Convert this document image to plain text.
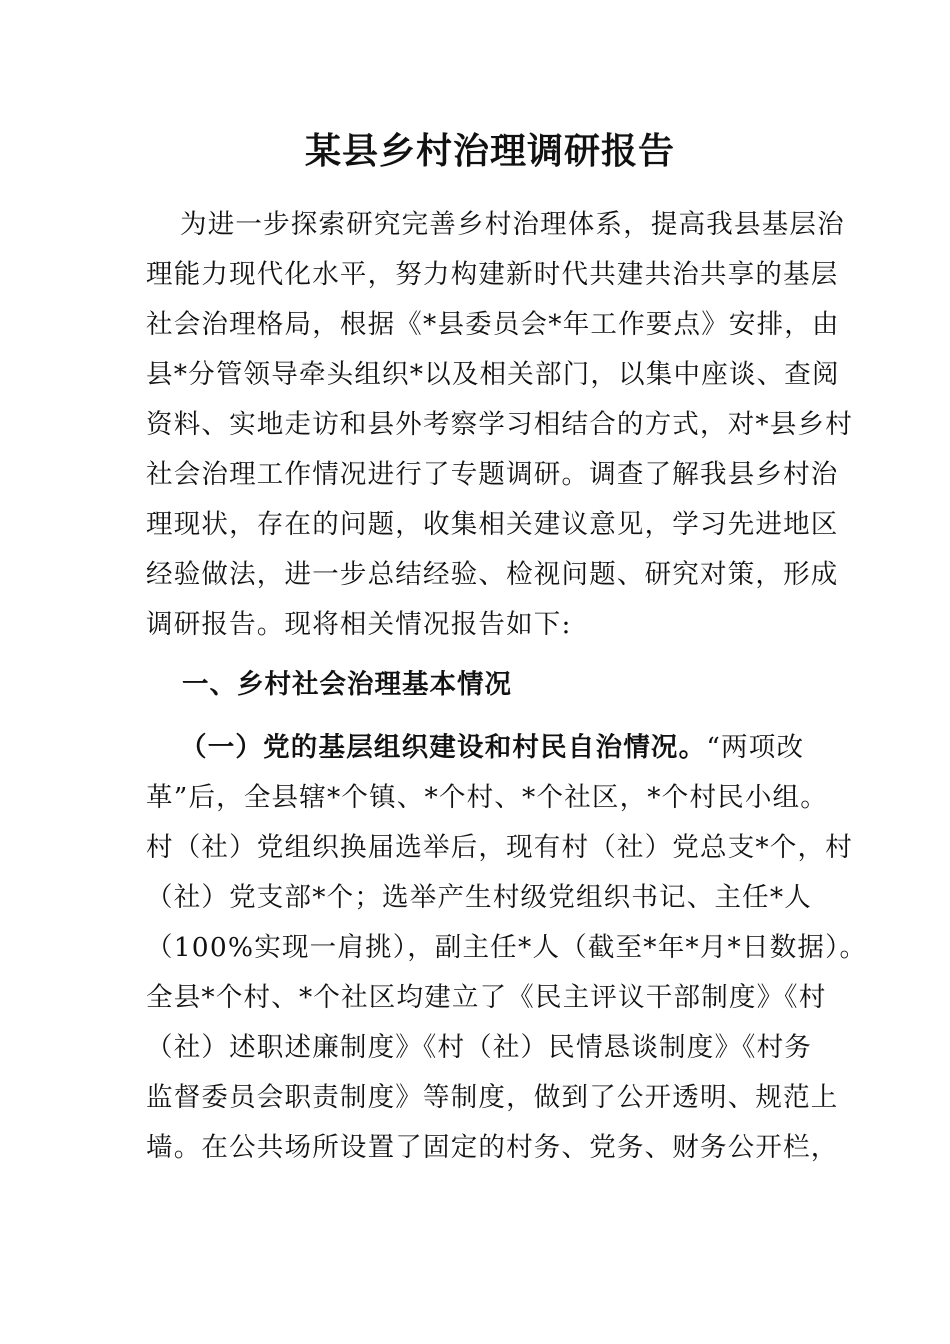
某县乡村治理调研报告
为进一步探索研究完善乡村治理体系，提高我县基层治
理能力现代化水平，努力构建新时代共建共治共享的基层
社会治理格局，根据《*县委员会*年工作要点》安排，由
县*分管领导牵头组织*以及相关部门，以集中座谈、查阅
资料、实地走访和县外考察学习相结合的方式，对*县乡村
社会治理工作情况进行了专题调研。调查了解我县乡村治
理现状，存在的问题，收集相关建议意见，学习先进地区
经验做法，进一步总结经验、检视问题、研究对策，形成
调研报告。现将相关情况报告如下:
一、乡村社会治理基本情况
（一）党的基层组织建设和村民自治情况。“两项改
革”后，全县辖*个镇、*个村、*个社区，*个村民小组。
村（社）党组织换届选举后，现有村（社）党总支*个，村
（社）党支部*个；选举产生村级党组织书记、主任*人
（100%实现一肩挑），副主任*人（截至*年*月*日数据）。
全县*个村、*个社区均建立了《民主评议干部制度》《村
（社）述职述廉制度》《村（社）民情恳谈制度》《村务
监督委员会职责制度》等制度，做到了公开透明、规范上
墙。在公共场所设置了固定的村务、党务、财务公开栏，
